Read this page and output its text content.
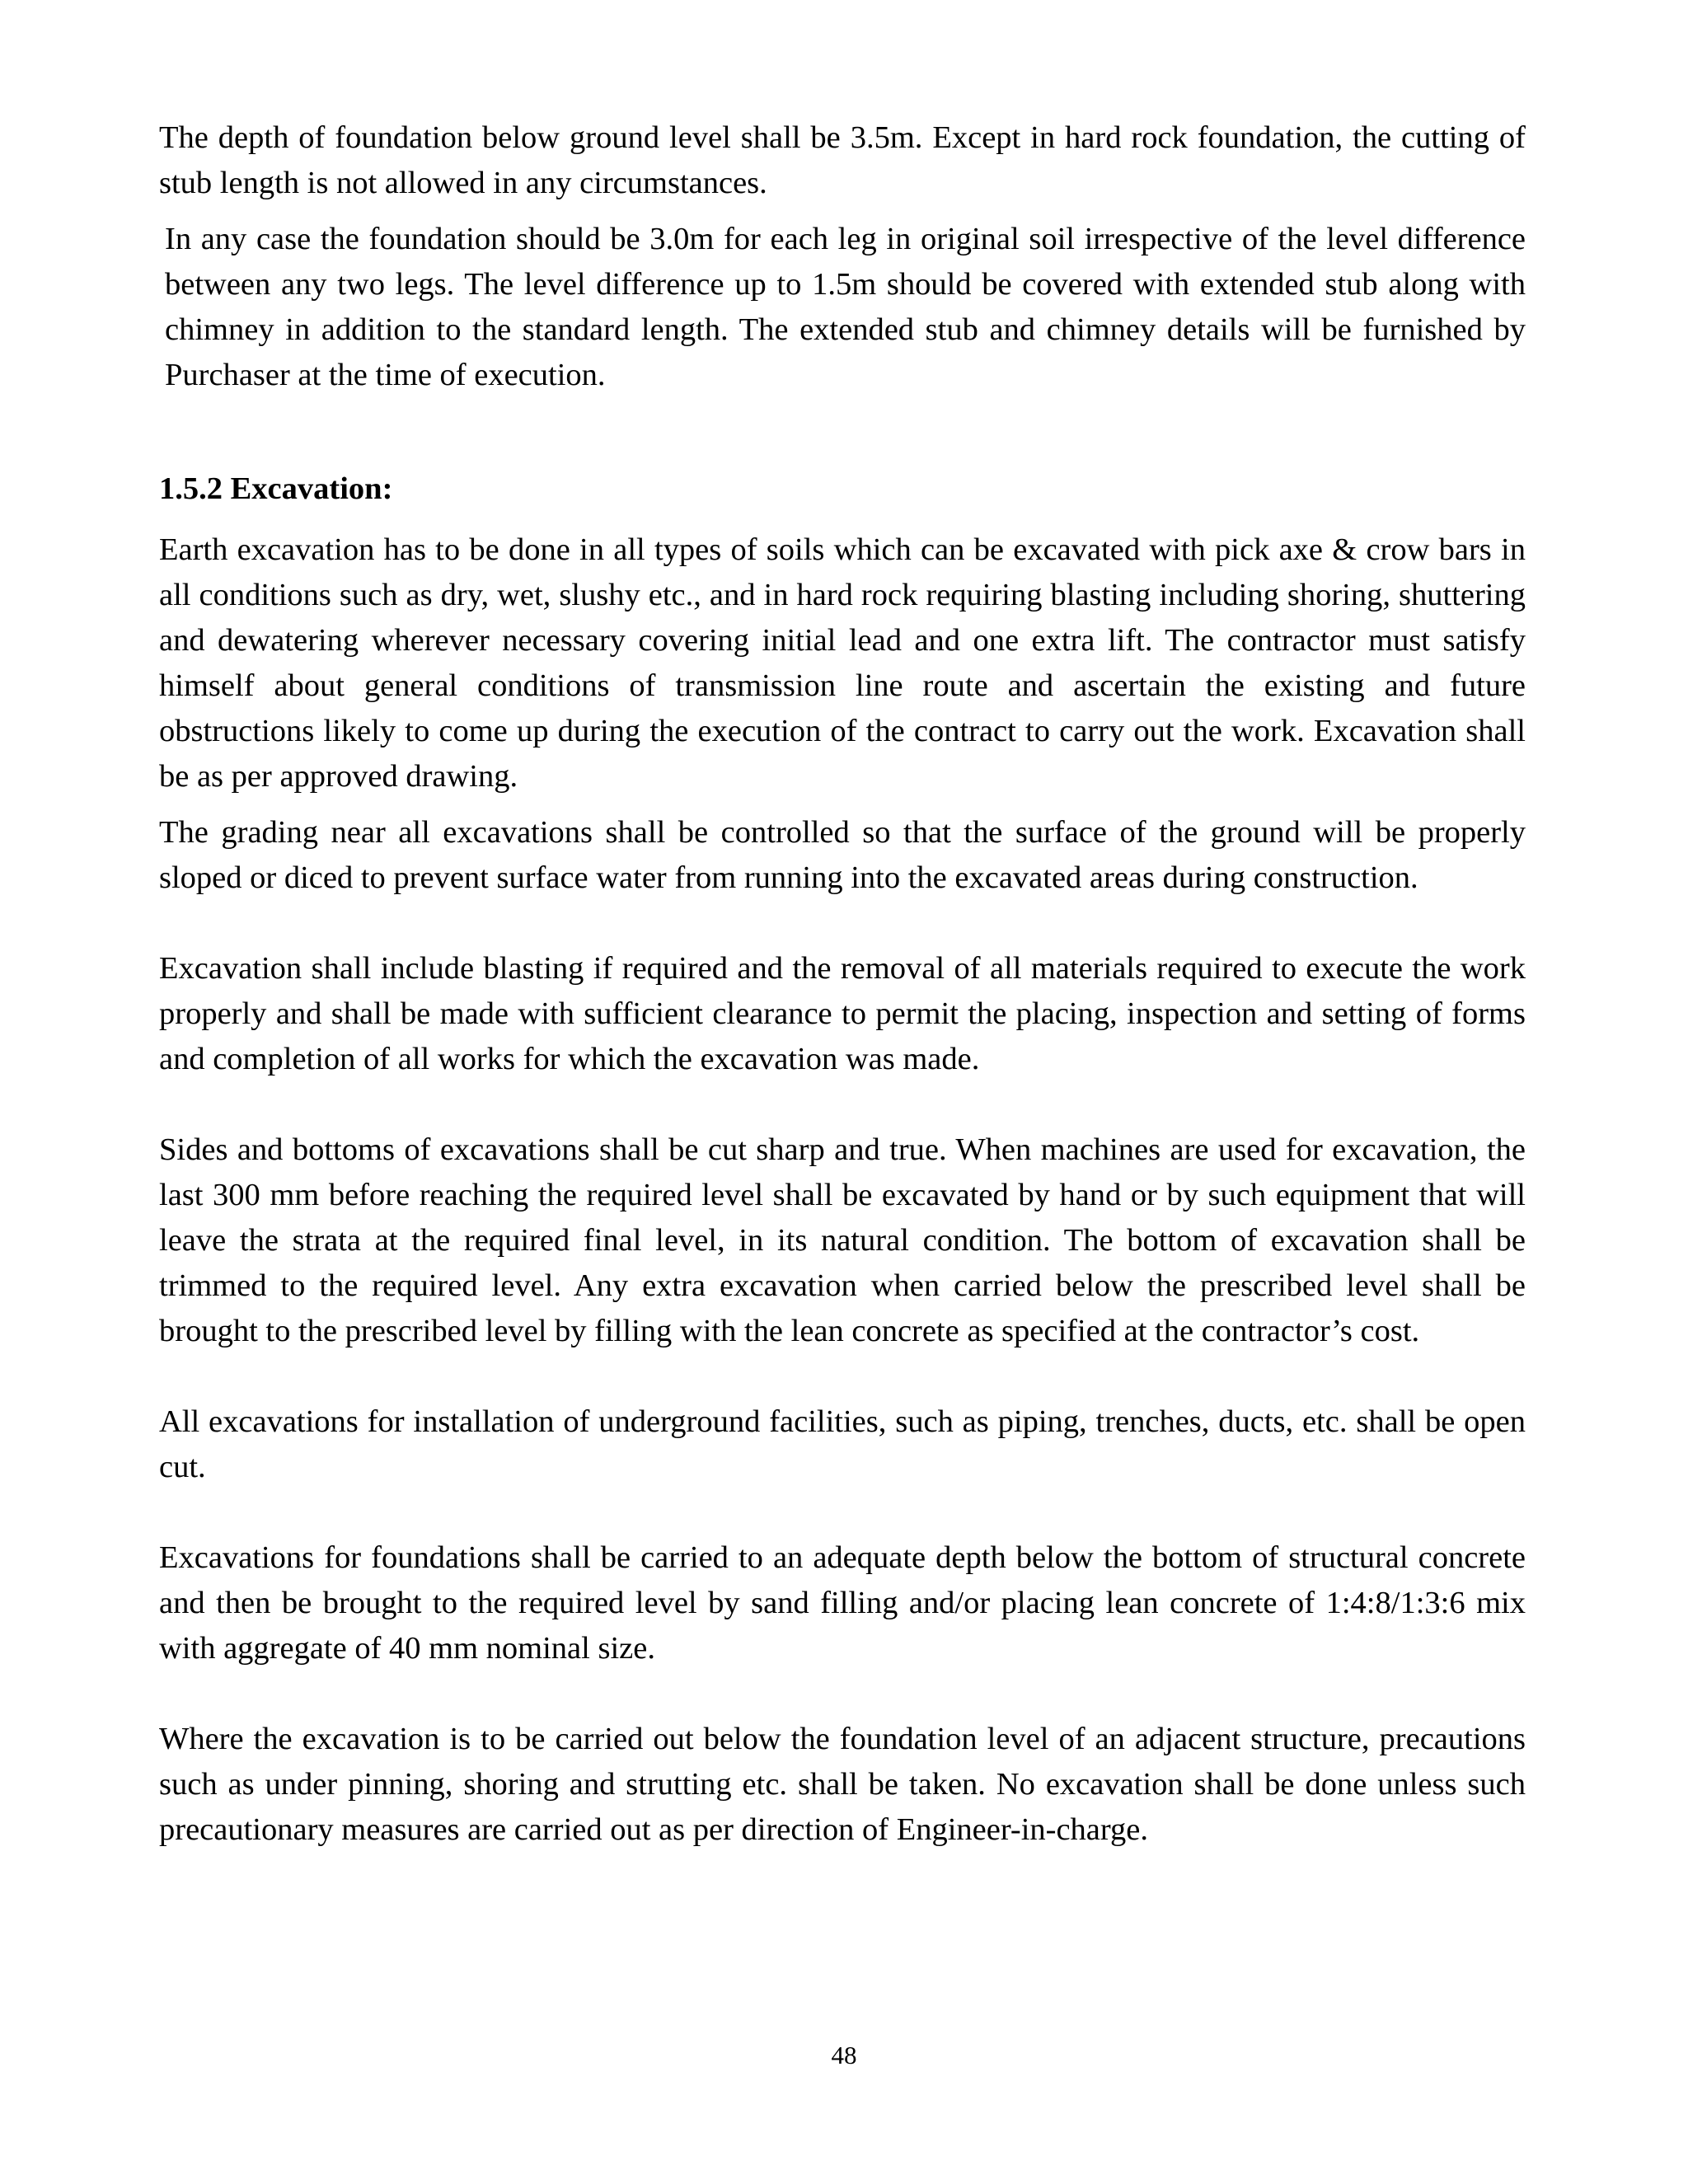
The depth of foundation below ground level shall be 3.5m. Except in hard rock foundation, the cutting of stub length is not allowed in any circumstances.

In any case the foundation should be 3.0m for each leg in original soil irrespective of the level difference between any two legs. The level difference up to 1.5m should be covered with extended stub along with chimney in addition to the standard length. The extended stub and chimney details will be furnished by Purchaser at the time of execution.

1.5.2 Excavation:

Earth excavation has to be done in all types of soils which can be excavated with pick axe & crow bars in all conditions such as dry, wet, slushy etc., and in hard rock requiring blasting including shoring, shuttering and dewatering wherever necessary covering initial lead and one extra lift. The contractor must satisfy himself about general conditions of transmission line route and ascertain the existing and future obstructions likely to come up during the execution of the contract to carry out the work. Excavation shall be as per approved drawing.

The grading near all excavations shall be controlled so that the surface of the ground will be properly sloped or diced to prevent surface water from running into the excavated areas during construction.

Excavation shall include blasting if required and the removal of all materials required to execute the work properly and shall be made with sufficient clearance to permit the placing, inspection and setting of forms and completion of all works for which the excavation was made.

Sides and bottoms of excavations shall be cut sharp and true. When machines are used for excavation, the last 300 mm before reaching the required level shall be excavated by hand or by such equipment that will leave the strata at the required final level, in its natural condition. The bottom of excavation shall be trimmed to the required level. Any extra excavation when carried below the prescribed level shall be brought to the prescribed level by filling with the lean concrete as specified at the contractor’s cost.

All excavations for installation of underground facilities, such as piping, trenches, ducts, etc. shall be open cut.

Excavations for foundations shall be carried to an adequate depth below the bottom of structural concrete and then be brought to the required level by sand filling and/or placing lean concrete of 1:4:8/1:3:6 mix with aggregate of 40 mm nominal size.

Where the excavation is to be carried out below the foundation level of an adjacent structure, precautions such as under pinning, shoring and strutting etc. shall be taken. No excavation shall be done unless such precautionary measures are carried out as per direction of Engineer-in-charge.

48
